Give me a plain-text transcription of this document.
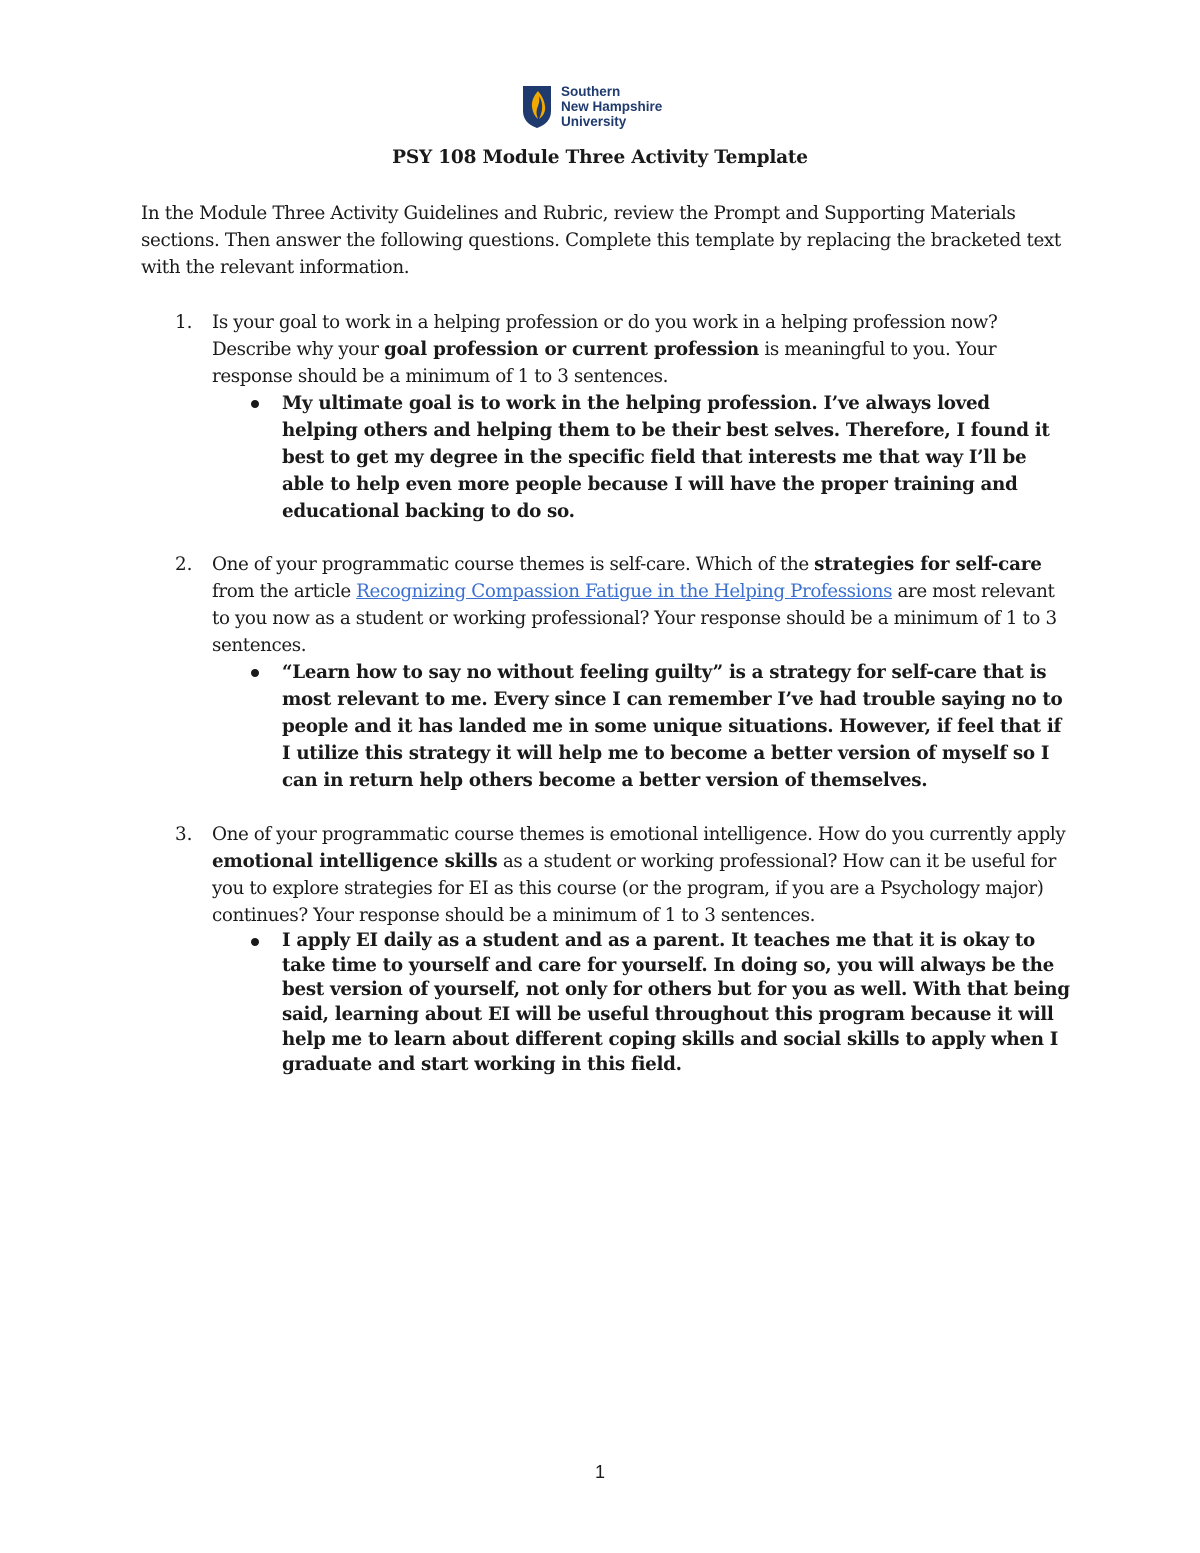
Southern
New Hampshire
University
PSY 108 Module Three Activity Template
In the Module Three Activity Guidelines and Rubric, review the Prompt and Supporting Materials sections. Then answer the following questions. Complete this template by replacing the bracketed text with the relevant information.
1. Is your goal to work in a helping profession or do you work in a helping profession now? Describe why your goal profession or current profession is meaningful to you. Your response should be a minimum of 1 to 3 sentences.
My ultimate goal is to work in the helping profession. I’ve always loved helping others and helping them to be their best selves. Therefore, I found it best to get my degree in the specific field that interests me that way I’ll be able to help even more people because I will have the proper training and educational backing to do so.
2. One of your programmatic course themes is self-care. Which of the strategies for self-care from the article Recognizing Compassion Fatigue in the Helping Professions are most relevant to you now as a student or working professional? Your response should be a minimum of 1 to 3 sentences.
“Learn how to say no without feeling guilty” is a strategy for self-care that is most relevant to me. Every since I can remember I’ve had trouble saying no to people and it has landed me in some unique situations. However, if feel that if I utilize this strategy it will help me to become a better version of myself so I can in return help others become a better version of themselves.
3. One of your programmatic course themes is emotional intelligence. How do you currently apply emotional intelligence skills as a student or working professional? How can it be useful for you to explore strategies for EI as this course (or the program, if you are a Psychology major) continues? Your response should be a minimum of 1 to 3 sentences.
I apply EI daily as a student and as a parent. It teaches me that it is okay to take time to yourself and care for yourself. In doing so, you will always be the best version of yourself, not only for others but for you as well. With that being said, learning about EI will be useful throughout this program because it will help me to learn about different coping skills and social skills to apply when I graduate and start working in this field.
1
